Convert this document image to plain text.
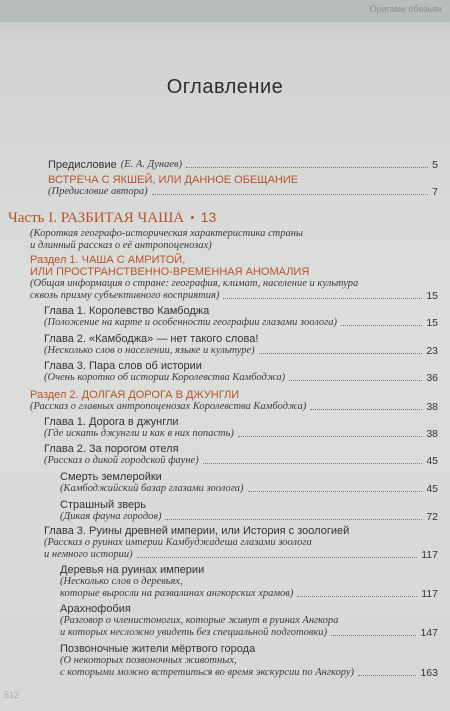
Оригами обезьян
Оглавление
Предисловие
(Е. А. Дунаев)	5
ВСТРЕЧА С ЯКШЕЙ, ИЛИ ДАННОЕ ОБЕЩАНИЕ
(Предисловие автора)	7
Часть I. РАЗБИТАЯ ЧАША • 13
(Короткая географо-историческая характеристика страны
и длинный рассказ о её антропоценозах)
Раздел 1. ЧАША С АМРИТОЙ,
ИЛИ ПРОСТРАНСТВЕННО-ВРЕМЕННАЯ АНОМАЛИЯ
(Общая информация о стране: география, климат, население и культура
сквозь призму субъективного восприятия)	15
Глава 1. Королевство Камбоджа
(Положение на карте и особенности географии глазами зоолога)	15
Глава 2. «Камбоджа» — нет такого слова!
(Несколько слов о населении, языке и культуре)	23
Глава 3. Пара слов об истории
(Очень коротко об истории Королевства Камбоджа)	36
Раздел 2. ДОЛГАЯ ДОРОГА В ДЖУНГЛИ
(Рассказ о главных антропоценозах Королевства Камбоджа)	38
Глава 1. Дорога в джунгли
(Где искать джунгли и как в них попасть)	38
Глава 2. За порогом отеля
(Рассказ о дикой городской фауне)	45
Смерть землеройки
(Камбоджийский базар глазами зоолога)	45
Страшный зверь
(Дикая фауна городов)	72
Глава 3. Руины древней империи, или История с зоологией
(Рассказ о руинах империи Камбуджадеша глазами зоолога
и немного истории)	117
Деревья на руинах империи
(Несколько слов о деревьях,
которые выросли на развалинах ангкорских храмов)	117
Арахнофобия
(Разговор о членистоногих, которые живут в руинах Ангкора
и которых несложно увидеть без специальной подготовки)	147
Позвоночные жители мёртвого города
(О некоторых позвоночных животных,
с которыми можно встретиться во время экскурсии по Ангкору)	163
512
